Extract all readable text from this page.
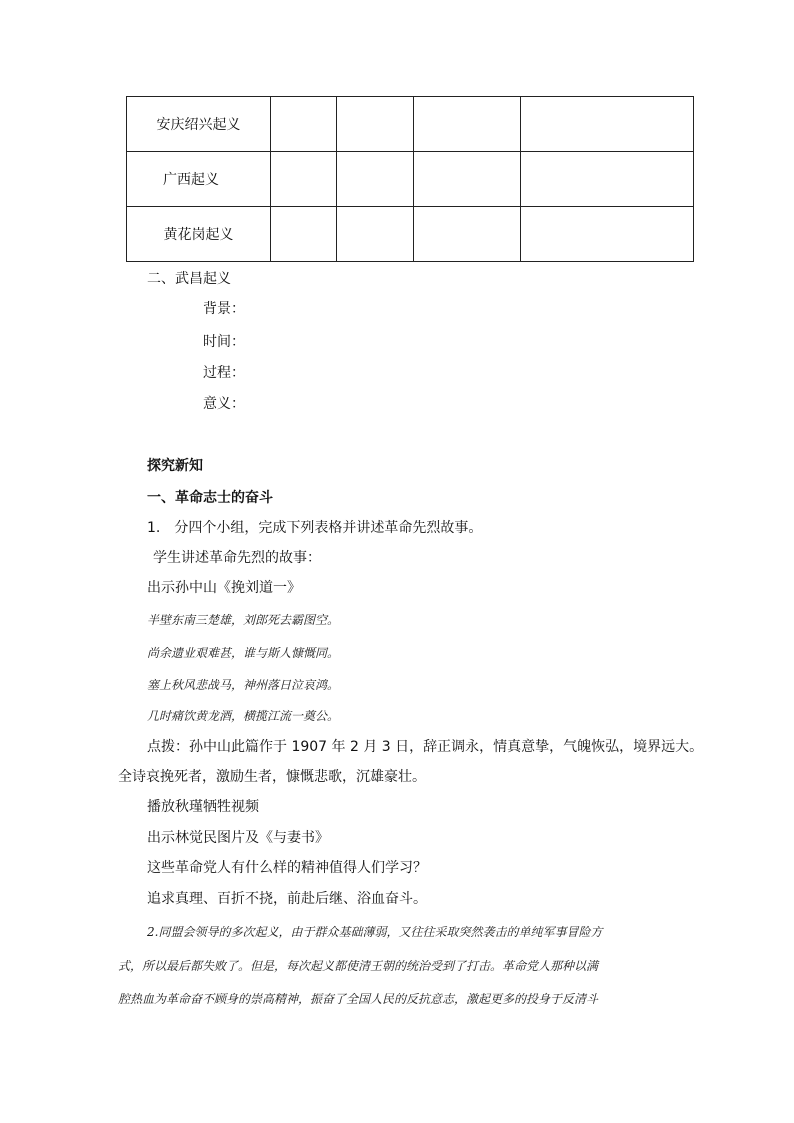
安庆绍兴起义				
广西起义				
黄花岗起义				
二、武昌起义
背景：
时间：
过程：
意义：
探究新知
一、革命志士的奋斗
1.　分四个小组，完成下列表格并讲述革命先烈故事。
学生讲述革命先烈的故事：
出示孙中山《挽刘道一》
半壁东南三楚雄，刘郎死去霸图空。
尚余遗业艰难甚，谁与斯人慷慨同。
塞上秋风悲战马，神州落日泣哀鸿。
几时痛饮黄龙酒，横揽江流一奠公。
点拨：孙中山此篇作于 1907 年 2 月 3 日，辞正调永，情真意挚，气魄恢弘，境界远大。
全诗哀挽死者，激励生者，慷慨悲歌，沉雄豪壮。
播放秋瑾牺牲视频
出示林觉民图片及《与妻书》
这些革命党人有什么样的精神值得人们学习？
追求真理、百折不挠，前赴后继、浴血奋斗。
2.同盟会领导的多次起义，由于群众基础薄弱，又往往采取突然袭击的单纯军事冒险方
式，所以最后都失败了。但是，每次起义都使清王朝的统治受到了打击。革命党人那种以满
腔热血为革命奋不顾身的崇高精神，振奋了全国人民的反抗意志，激起更多的投身于反清斗
